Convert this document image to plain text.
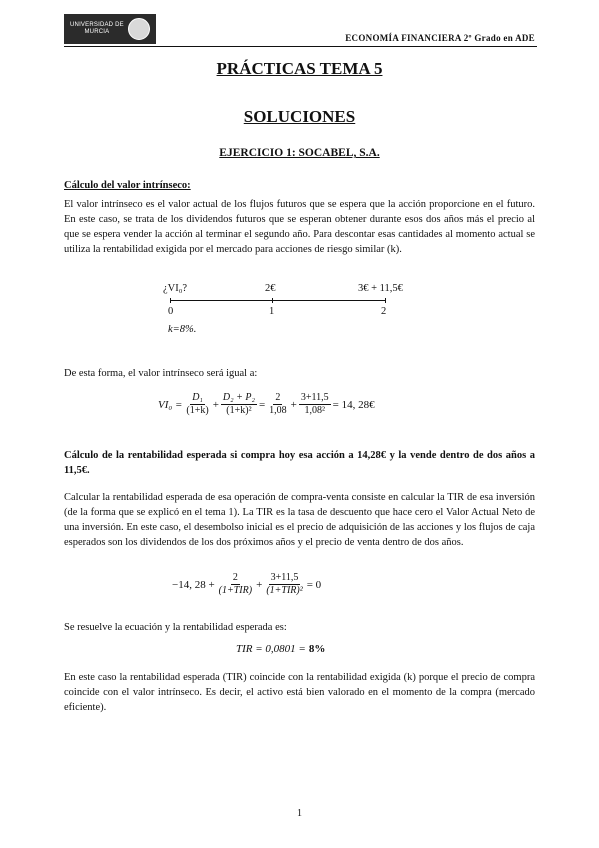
UNIVERSIDAD DE
MURCIA
ECONOMÍA FINANCIERA 2º Grado en ADE
PRÁCTICAS TEMA 5
SOLUCIONES
EJERCICIO 1: SOCABEL, S.A.
Cálculo del valor intrínseco:
El valor intrínseco es el valor actual de los flujos futuros que se espera que la acción proporcione en el futuro. En este caso, se trata de los dividendos futuros que se esperan obtener durante esos dos años más el precio al que se espera vender la acción al terminar el segundo año. Para descontar esas cantidades al momento actual se utiliza la rentabilidad exigida por el mercado para acciones de riesgo similar (k).
¿VI₀?	2€	3€ + 11,5€
0	1	2
k=8%.
De esta forma, el valor intrínseco será igual a:
$VI_0 = \frac{\text{D₁}}{(1+k)} + \frac{\text{D₂ + P₂}}{\text{(1+k)²}} = \frac{2}{1,08} + \frac{3+11,5}{\text{1,08²}} = 14$, 28€
Cálculo de la rentabilidad esperada si compra hoy esa acción a 14,28€ y la vende dentro de dos años a 11,5€.
Calcular la rentabilidad esperada de esa operación de compra-venta consiste en calcular la TIR de esa inversión (de la forma que se explicó en el tema 1). La TIR es la tasa de descuento que hace cero el Valor Actual Neto de una inversión. En este caso, el desembolso inicial es el precio de adquisición de las acciones y los flujos de caja esperados son los dividendos de los dos próximos años y el precio de venta dentro de dos años.
−14, $28 + \frac{2}{\text{(1+TIR)}} + \frac{3+11,5}{\text{(1+TIR)²}} = 0$
Se resuelve la ecuación y la rentabilidad esperada es:
TIR = 0,0801 = 8%
En este caso la rentabilidad esperada (TIR) coincide con la rentabilidad exigida (k) porque el precio de compra coincide con el valor intrínseco. Es decir, el activo está bien valorado en el momento de la compra (mercado eficiente).
1
